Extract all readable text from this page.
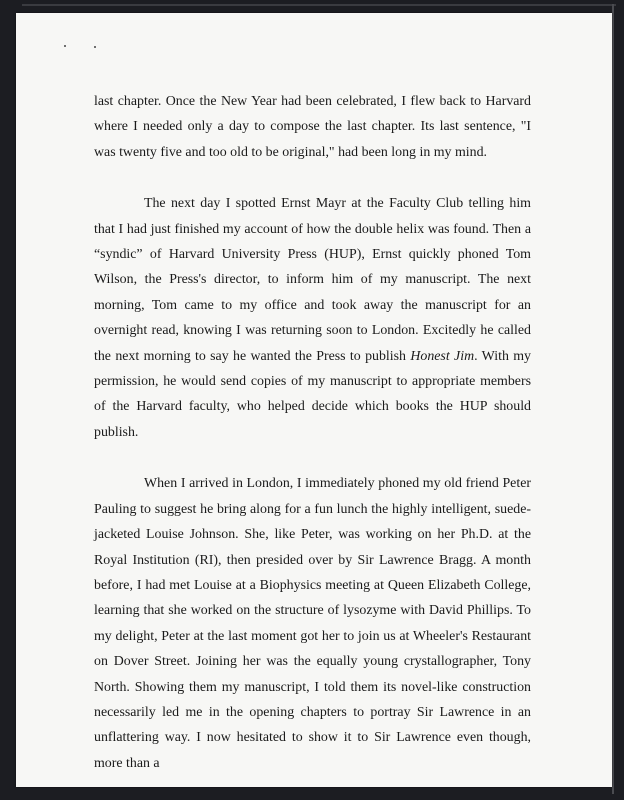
last chapter. Once the New Year had been celebrated, I flew back to Harvard where I needed only a day to compose the last chapter. Its last sentence, "I was twenty five and too old to be original," had been long in my mind.

The next day I spotted Ernst Mayr at the Faculty Club telling him that I had just finished my account of how the double helix was found. Then a “syndic” of Harvard University Press (HUP), Ernst quickly phoned Tom Wilson, the Press's director, to inform him of my manuscript. The next morning, Tom came to my office and took away the manuscript for an overnight read, knowing I was returning soon to London. Excitedly he called the next morning to say he wanted the Press to publish Honest Jim. With my permission, he would send copies of my manuscript to appropriate members of the Harvard faculty, who helped decide which books the HUP should publish.

When I arrived in London, I immediately phoned my old friend Peter Pauling to suggest he bring along for a fun lunch the highly intelligent, suede-jacketed Louise Johnson. She, like Peter, was working on her Ph.D. at the Royal Institution (RI), then presided over by Sir Lawrence Bragg. A month before, I had met Louise at a Biophysics meeting at Queen Elizabeth College, learning that she worked on the structure of lysozyme with David Phillips. To my delight, Peter at the last moment got her to join us at Wheeler's Restaurant on Dover Street. Joining her was the equally young crystallographer, Tony North. Showing them my manuscript, I told them its novel-like construction necessarily led me in the opening chapters to portray Sir Lawrence in an unflattering way. I now hesitated to show it to Sir Lawrence even though, more than a
